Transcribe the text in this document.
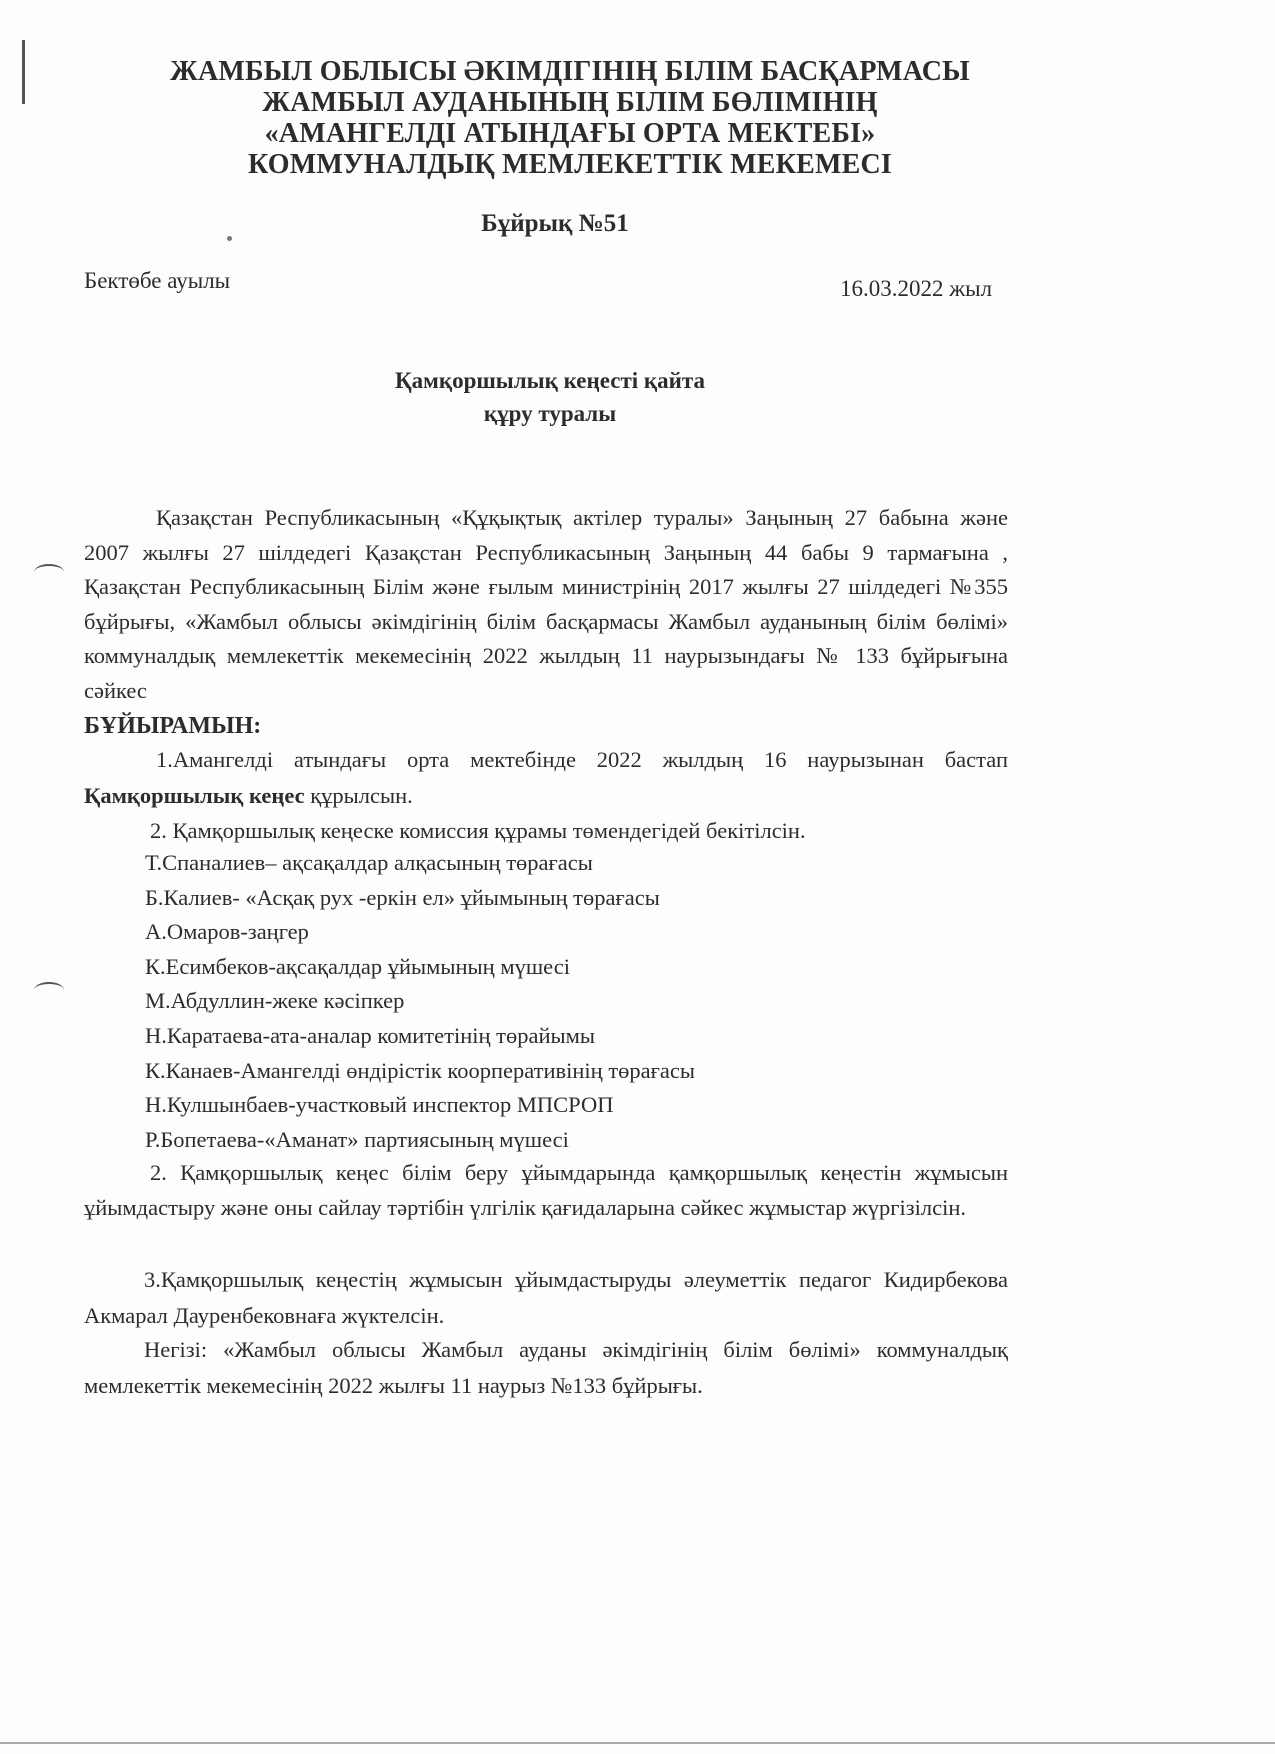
ЖАМБЫЛ ОБЛЫСЫ ӘКІМДІГІНІҢ БІЛІМ БАСҚАРМАСЫ
ЖАМБЫЛ АУДАНЫНЫҢ БІЛІМ БӨЛІМІНІҢ
«АМАНГЕЛДІ АТЫНДАҒЫ ОРТА МЕКТЕБІ»
КОММУНАЛДЫҚ МЕМЛЕКЕТТІК МЕКЕМЕСІ
Бұйрық №51
Бектөбе ауылы	16.03.2022 жыл
Қамқоршылық кеңесті қайта
құру туралы
Қазақстан Республикасының «Құқықтық актілер туралы» Заңының 27 бабына және 2007 жылғы 27 шілдедегі Қазақстан Республикасының Заңының 44 бабы 9 тармағына , Қазақстан Республикасының Білім және ғылым министрінің 2017 жылғы 27 шілдедегі №355 бұйрығы, «Жамбыл облысы әкімдігінің білім басқармасы Жамбыл ауданының білім бөлімі» коммуналдық мемлекеттік мекемесінің 2022 жылдың 11 наурызындағы № 133 бұйрығына сәйкес
БҰЙЫРАМЫН:
1.Амангелді атындағы орта мектебінде 2022 жылдың 16 наурызынан бастап Қамқоршылық кеңес құрылсын.
2. Қамқоршылық кеңеске комиссия құрамы төмендегідей бекітілсін.
Т.Спаналиев– ақсақалдар алқасының төрағасы
Б.Калиев- «Асқақ рух -еркін ел» ұйымының төрағасы
А.Омаров-заңгер
К.Есимбеков-ақсақалдар ұйымының мүшесі
М.Абдуллин-жеке кәсіпкер
Н.Каратаева-ата-аналар комитетінің төрайымы
К.Канаев-Амангелді өндірістік коорперативінің төрағасы
Н.Кулшынбаев-участковый инспектор МПСРОП
Р.Бопетаева-«Аманат» партиясының мүшесі
2. Қамқоршылық кеңес білім беру ұйымдарында қамқоршылық кеңестін жұмысын ұйымдастыру және оны сайлау тәртібін үлгілік қағидаларына сәйкес жұмыстар жүргізілсін.
3.Қамқоршылық кеңестің жұмысын ұйымдастыруды әлеуметтік педагог Кидирбекова Акмарал Дауренбековнаға жүктелсін.
Негізі: «Жамбыл облысы Жамбыл ауданы әкімдігінің білім бөлімі» коммуналдық мемлекеттік мекемесінің 2022 жылғы 11 наурыз №133 бұйрығы.
